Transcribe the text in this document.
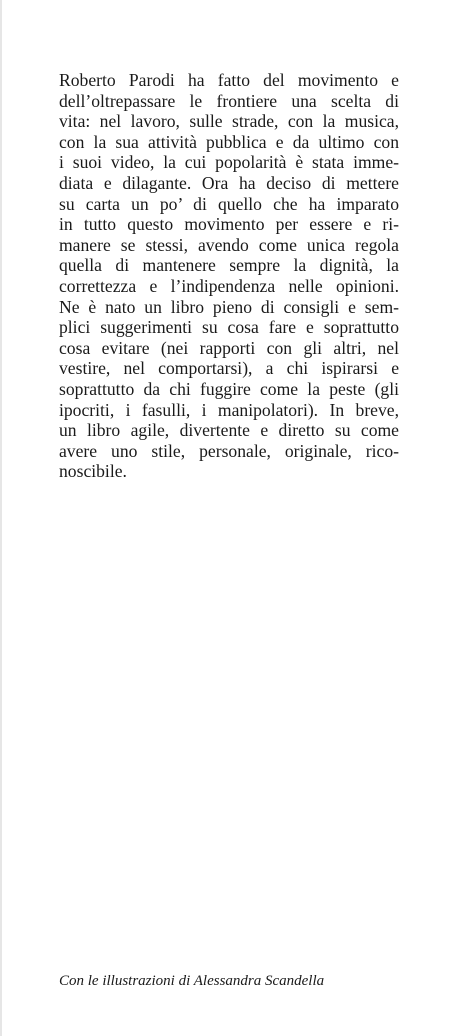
Roberto Parodi ha fatto del movimento e
dell’oltrepassare le frontiere una scelta di
vita: nel lavoro, sulle strade, con la musica,
con la sua attività pubblica e da ultimo con
i suoi video, la cui popolarità è stata imme-
diata e dilagante. Ora ha deciso di mettere
su carta un po’ di quello che ha imparato
in tutto questo movimento per essere e ri-
manere se stessi, avendo come unica regola
quella di mantenere sempre la dignità, la
correttezza e l’indipendenza nelle opinioni.
Ne è nato un libro pieno di consigli e sem-
plici suggerimenti su cosa fare e soprattutto
cosa evitare (nei rapporti con gli altri, nel
vestire, nel comportarsi), a chi ispirarsi e
soprattutto da chi fuggire come la peste (gli
ipocriti, i fasulli, i manipolatori). In breve,
un libro agile, divertente e diretto su come
avere uno stile, personale, originale, rico-
noscibile.

Con le illustrazioni di Alessandra Scandella
